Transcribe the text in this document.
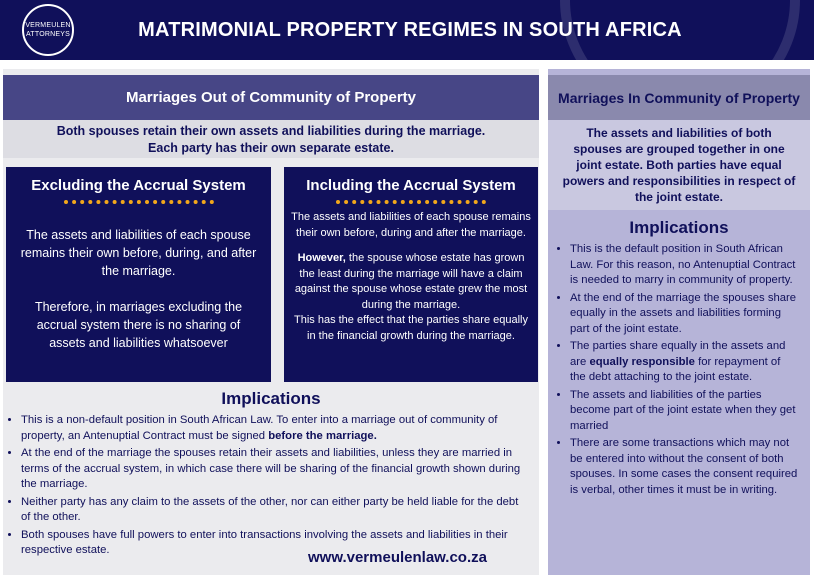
VERMEULEN
ATTORNEYS	MATRIMONIAL PROPERTY REGIMES IN SOUTH AFRICA
Marriages Out of Community of Property
Both spouses retain their own assets and liabilities during the marriage.
Each party has their own separate estate.
Excluding the Accrual System

The assets and liabilities of each spouse remains their own before, during, and after the marriage.

Therefore, in marriages excluding the accrual system there is no sharing of assets and liabilities whatsoever

Including the Accrual System

The assets and liabilities of each spouse remains their own before, during and after the marriage.

However, the spouse whose estate has grown the least during the marriage will have a claim against the spouse whose estate grew the most during the marriage.

This has the effect that the parties share equally in the financial growth during the marriage.

Implications
• This is a non-default position in South African Law. To enter into a marriage out of community of property, an Antenuptial Contract must be signed before the marriage.
• At the end of the marriage the spouses retain their assets and liabilities, unless they are married in terms of the accrual system, in which case there will be sharing of the financial growth shown during the marriage.
• Neither party has any claim to the assets of the other, nor can either party be held liable for the debt of the other.
• Both spouses have full powers to enter into transactions involving the assets and liabilities in their respective estate.
Marriages In Community of Property
The assets and liabilities of both spouses are grouped together in one joint estate. Both parties have equal powers and responsibilities in respect of the joint estate.
Implications
• This is the default position in South African Law. For this reason, no Antenuptial Contract is needed to marry in community of property.
• At the end of the marriage the spouses share equally in the assets and liabilities forming part of the joint estate.
• The parties share equally in the assets and are equally responsible for repayment of the debt attaching to the joint estate.
• The assets and liabilities of the parties become part of the joint estate when they get married
• There are some transactions which may not be entered into without the consent of both spouses. In some cases the consent required is verbal, other times it must be in writing.
www.vermeulenlaw.co.za
